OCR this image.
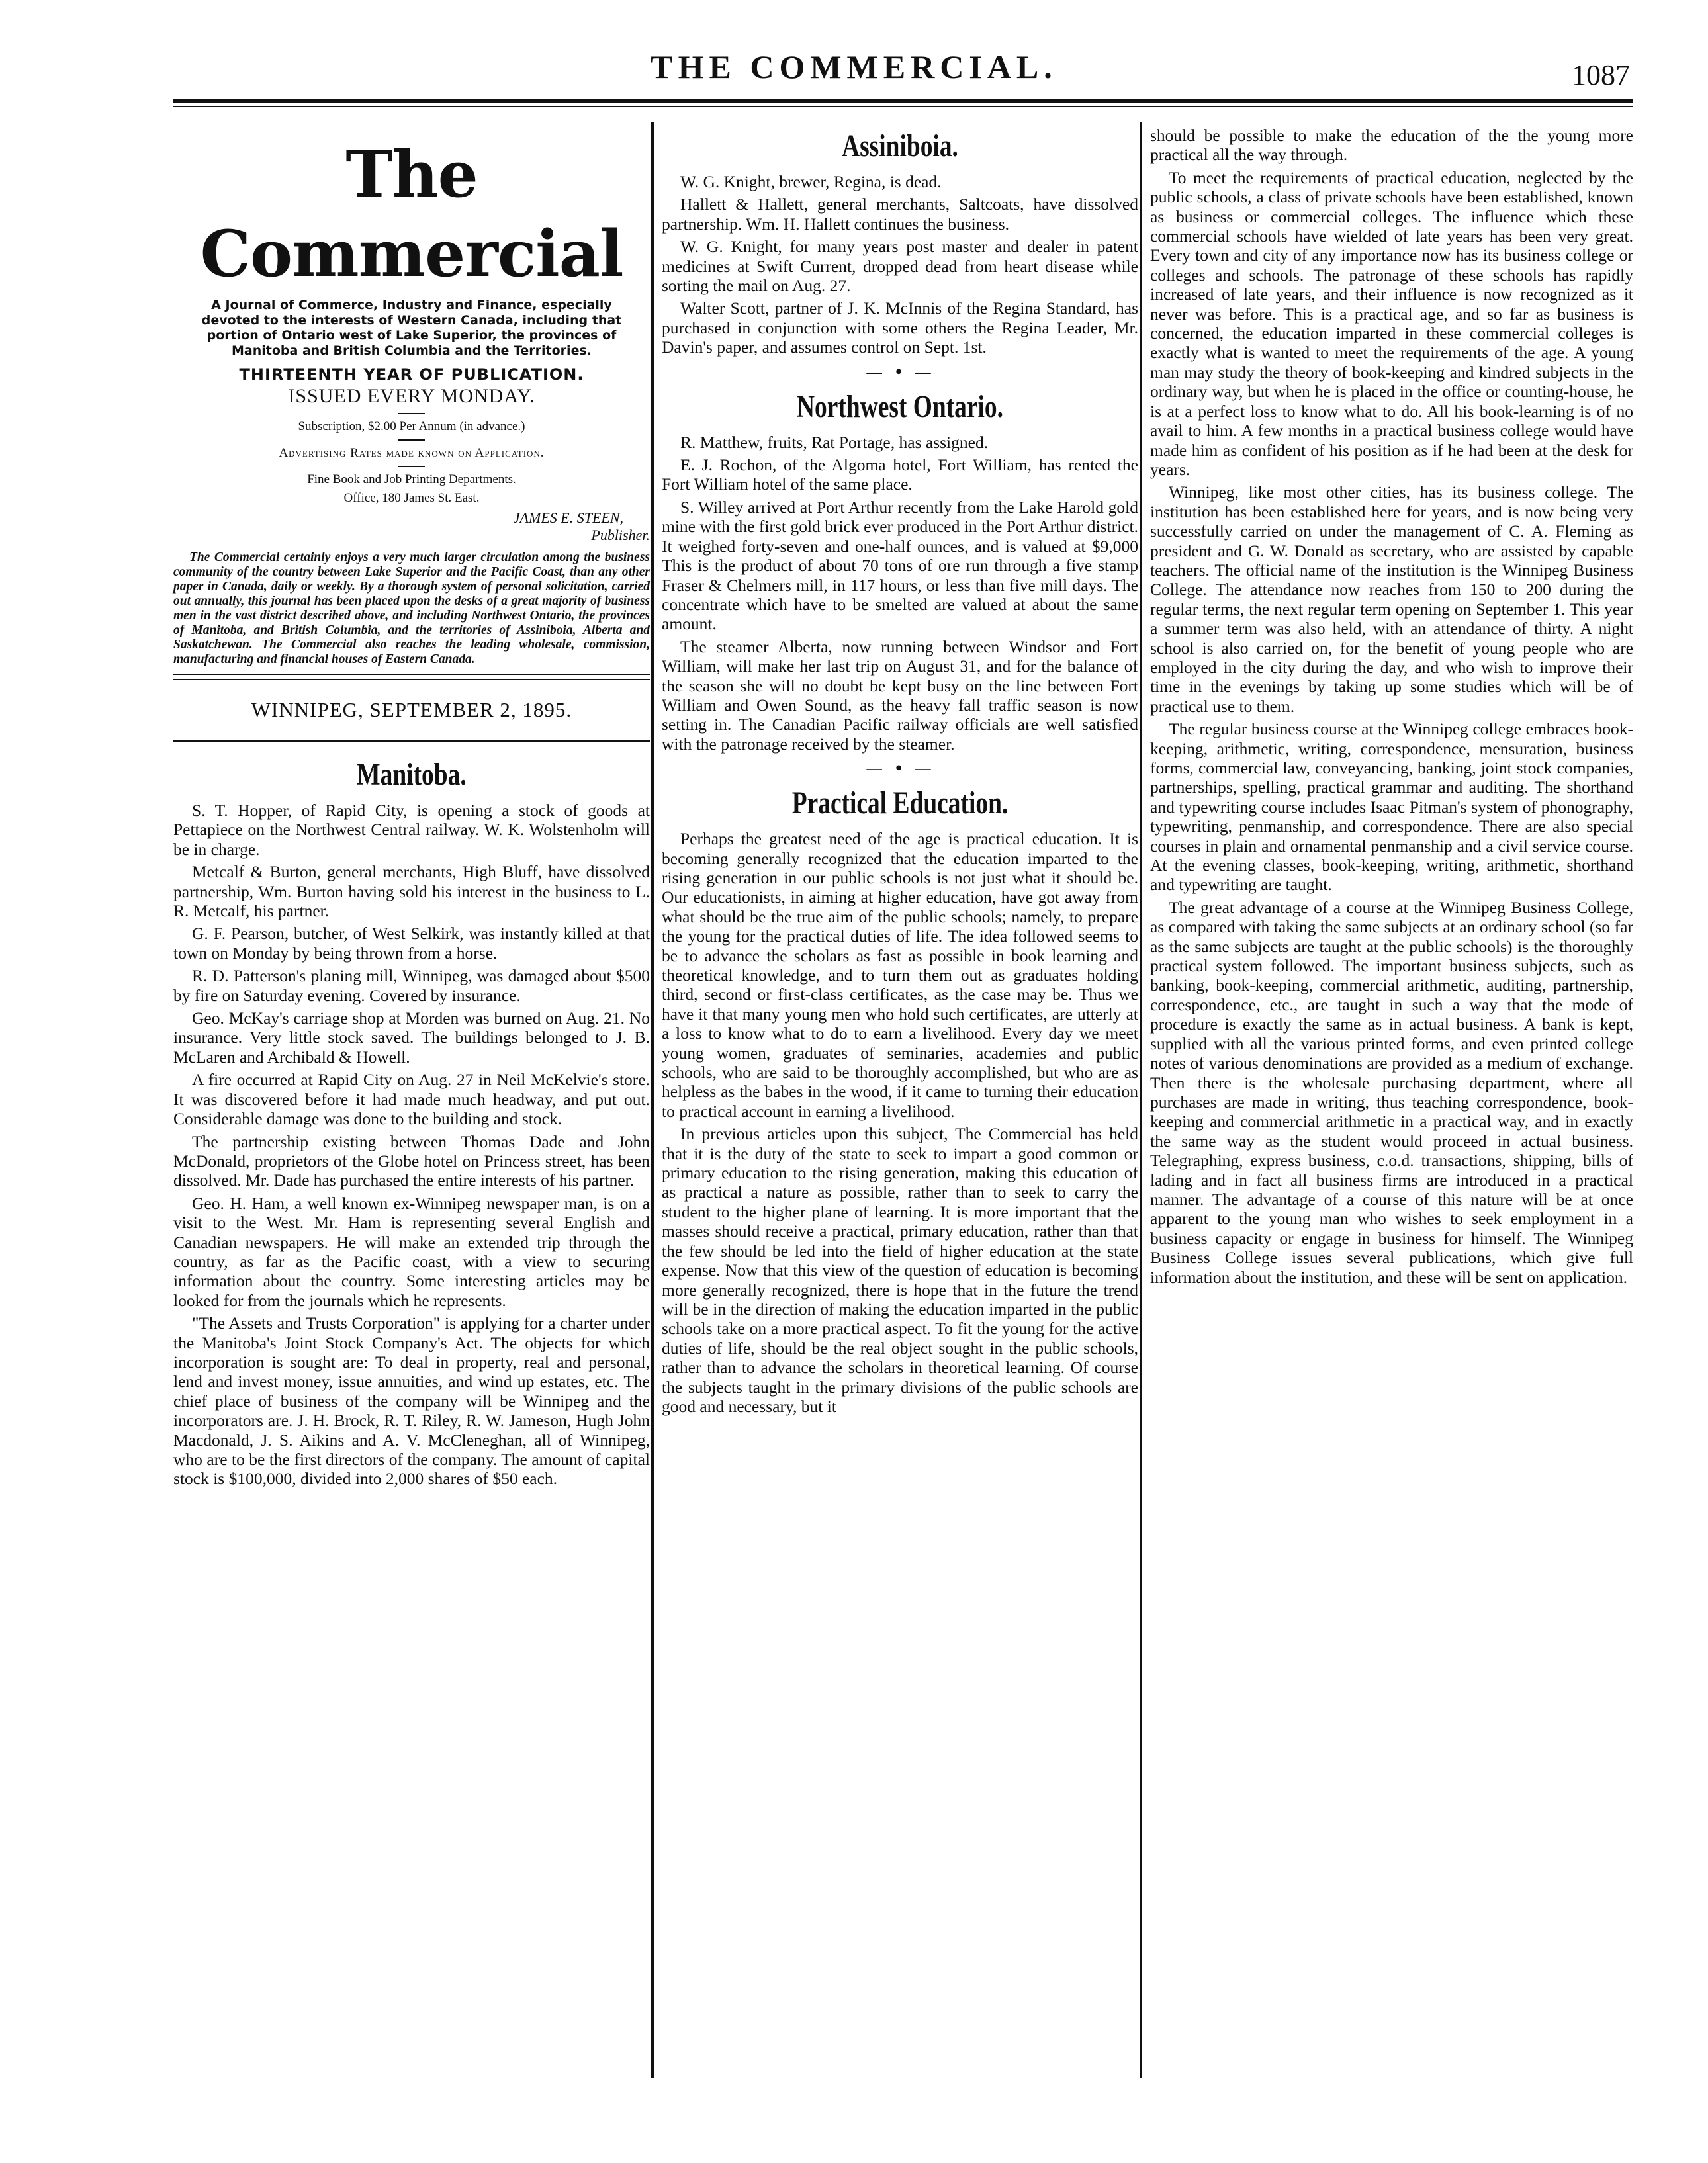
THE COMMERCIAL.	1087
The Commercial
A Journal of Commerce, Industry and Finance, especially devoted to the interests of Western Canada, including that portion of Ontario west of Lake Superior, the provinces of Manitoba and British Columbia and the Territories.
THIRTEENTH YEAR OF PUBLICATION.
ISSUED EVERY MONDAY.
Subscription, $2.00 Per Annum (in advance.)
Advertising Rates made known on Application.
Fine Book and Job Printing Departments.
Office, 180 James St. East.
JAMES E. STEEN,
Publisher.
The Commercial certainly enjoys a very much larger circulation among the business community of the country between Lake Superior and the Pacific Coast, than any other paper in Canada, daily or weekly. By a thorough system of personal solicitation, carried out annually, this journal has been placed upon the desks of a great majority of business men in the vast district described above, and including Northwest Ontario, the provinces of Manitoba, and British Columbia, and the territories of Assiniboia, Alberta and Saskatchewan. The Commercial also reaches the leading wholesale, commission, manufacturing and financial houses of Eastern Canada.
WINNIPEG, SEPTEMBER 2, 1895.
Manitoba.

S. T. Hopper, of Rapid City, is opening a stock of goods at Pettapiece on the Northwest Central railway. W. K. Wolstenholm will be in charge.

Metcalf & Burton, general merchants, High Bluff, have dissolved partnership, Wm. Burton having sold his interest in the business to L. R. Metcalf, his partner.

G. F. Pearson, butcher, of West Selkirk, was instantly killed at that town on Monday by being thrown from a horse.

R. D. Patterson's planing mill, Winnipeg, was damaged about $500 by fire on Saturday evening. Covered by insurance.

Geo. McKay's carriage shop at Morden was burned on Aug. 21. No insurance. Very little stock saved. The buildings belonged to J. B. McLaren and Archibald & Howell.

A fire occurred at Rapid City on Aug. 27 in Neil McKelvie's store. It was discovered before it had made much headway, and put out. Considerable damage was done to the building and stock.

The partnership existing between Thomas Dade and John McDonald, proprietors of the Globe hotel on Princess street, has been dissolved. Mr. Dade has purchased the entire interests of his partner.

Geo. H. Ham, a well known ex-Winnipeg newspaper man, is on a visit to the West. Mr. Ham is representing several English and Canadian newspapers. He will make an extended trip through the country, as far as the Pacific coast, with a view to securing information about the country. Some interesting articles may be looked for from the journals which he represents.

"The Assets and Trusts Corporation" is applying for a charter under the Manitoba's Joint Stock Company's Act. The objects for which incorporation is sought are: To deal in property, real and personal, lend and invest money, issue annuities, and wind up estates, etc. The chief place of business of the company will be Winnipeg and the incorporators are. J. H. Brock, R. T. Riley, R. W. Jameson, Hugh John Macdonald, J. S. Aikins and A. V. McCleneghan, all of Winnipeg, who are to be the first directors of the company. The amount of capital stock is $100,000, divided into 2,000 shares of $50 each.

Assiniboia.

W. G. Knight, brewer, Regina, is dead.

Hallett & Hallett, general merchants, Saltcoats, have dissolved partnership. Wm. H. Hallett continues the business.

W. G. Knight, for many years post master and dealer in patent medicines at Swift Current, dropped dead from heart disease while sorting the mail on Aug. 27.

Walter Scott, partner of J. K. McInnis of the Regina Standard, has purchased in conjunction with some others the Regina Leader, Mr. Davin's paper, and assumes control on Sept. 1st.

— • —
Northwest Ontario.

R. Matthew, fruits, Rat Portage, has assigned.

E. J. Rochon, of the Algoma hotel, Fort William, has rented the Fort William hotel of the same place.

S. Willey arrived at Port Arthur recently from the Lake Harold gold mine with the first gold brick ever produced in the Port Arthur district. It weighed forty-seven and one-half ounces, and is valued at $9,000 This is the product of about 70 tons of ore run through a five stamp Fraser & Chelmers mill, in 117 hours, or less than five mill days. The concentrate which have to be smelted are valued at about the same amount.

The steamer Alberta, now running between Windsor and Fort William, will make her last trip on August 31, and for the balance of the season she will no doubt be kept busy on the line between Fort William and Owen Sound, as the heavy fall traffic season is now setting in. The Canadian Pacific railway officials are well satisfied with the patronage received by the steamer.

— • —
Practical Education.

Perhaps the greatest need of the age is practical education. It is becoming generally recognized that the education imparted to the rising generation in our public schools is not just what it should be. Our educationists, in aiming at higher education, have got away from what should be the true aim of the public schools; namely, to prepare the young for the practical duties of life. The idea followed seems to be to advance the scholars as fast as possible in book learning and theoretical knowledge, and to turn them out as graduates holding third, second or first-class certificates, as the case may be. Thus we have it that many young men who hold such certificates, are utterly at a loss to know what to do to earn a livelihood. Every day we meet young women, graduates of seminaries, academies and public schools, who are said to be thoroughly accomplished, but who are as helpless as the babes in the wood, if it came to turning their education to practical account in earning a livelihood.

In previous articles upon this subject, The Commercial has held that it is the duty of the state to seek to impart a good common or primary education to the rising generation, making this education of as practical a nature as possible, rather than to seek to carry the student to the higher plane of learning. It is more important that the masses should receive a practical, primary education, rather than that the few should be led into the field of higher education at the state expense. Now that this view of the question of education is becoming more generally recognized, there is hope that in the future the trend will be in the direction of making the education imparted in the public schools take on a more practical aspect. To fit the young for the active duties of life, should be the real object sought in the public schools, rather than to advance the scholars in theoretical learning. Of course the subjects taught in the primary divisions of the public schools are good and necessary, but it

should be possible to make the education of the the young more practical all the way through.

To meet the requirements of practical education, neglected by the public schools, a class of private schools have been established, known as business or commercial colleges. The influence which these commercial schools have wielded of late years has been very great. Every town and city of any importance now has its business college or colleges and schools. The patronage of these schools has rapidly increased of late years, and their influence is now recognized as it never was before. This is a practical age, and so far as business is concerned, the education imparted in these commercial colleges is exactly what is wanted to meet the requirements of the age. A young man may study the theory of book-keeping and kindred subjects in the ordinary way, but when he is placed in the office or counting-house, he is at a perfect loss to know what to do. All his book-learning is of no avail to him. A few months in a practical business college would have made him as confident of his position as if he had been at the desk for years.

Winnipeg, like most other cities, has its business college. The institution has been established here for years, and is now being very successfully carried on under the management of C. A. Fleming as president and G. W. Donald as secretary, who are assisted by capable teachers. The official name of the institution is the Winnipeg Business College. The attendance now reaches from 150 to 200 during the regular terms, the next regular term opening on September 1. This year a summer term was also held, with an attendance of thirty. A night school is also carried on, for the benefit of young people who are employed in the city during the day, and who wish to improve their time in the evenings by taking up some studies which will be of practical use to them.

The regular business course at the Winnipeg college embraces book-keeping, arithmetic, writing, correspondence, mensuration, business forms, commercial law, conveyancing, banking, joint stock companies, partnerships, spelling, practical grammar and auditing. The shorthand and typewriting course includes Isaac Pitman's system of phonography, typewriting, penmanship, and correspondence. There are also special courses in plain and ornamental penmanship and a civil service course. At the evening classes, book-keeping, writing, arithmetic, shorthand and typewriting are taught.

The great advantage of a course at the Winnipeg Business College, as compared with taking the same subjects at an ordinary school (so far as the same subjects are taught at the public schools) is the thoroughly practical system followed. The important business subjects, such as banking, book-keeping, commercial arithmetic, auditing, partnership, correspondence, etc., are taught in such a way that the mode of procedure is exactly the same as in actual business. A bank is kept, supplied with all the various printed forms, and even printed college notes of various denominations are provided as a medium of exchange. Then there is the wholesale purchasing department, where all purchases are made in writing, thus teaching correspondence, book-keeping and commercial arithmetic in a practical way, and in exactly the same way as the student would proceed in actual business. Telegraphing, express business, c.o.d. transactions, shipping, bills of lading and in fact all business firms are introduced in a practical manner. The advantage of a course of this nature will be at once apparent to the young man who wishes to seek employment in a business capacity or engage in business for himself. The Winnipeg Business College issues several publications, which give full information about the institution, and these will be sent on application.
